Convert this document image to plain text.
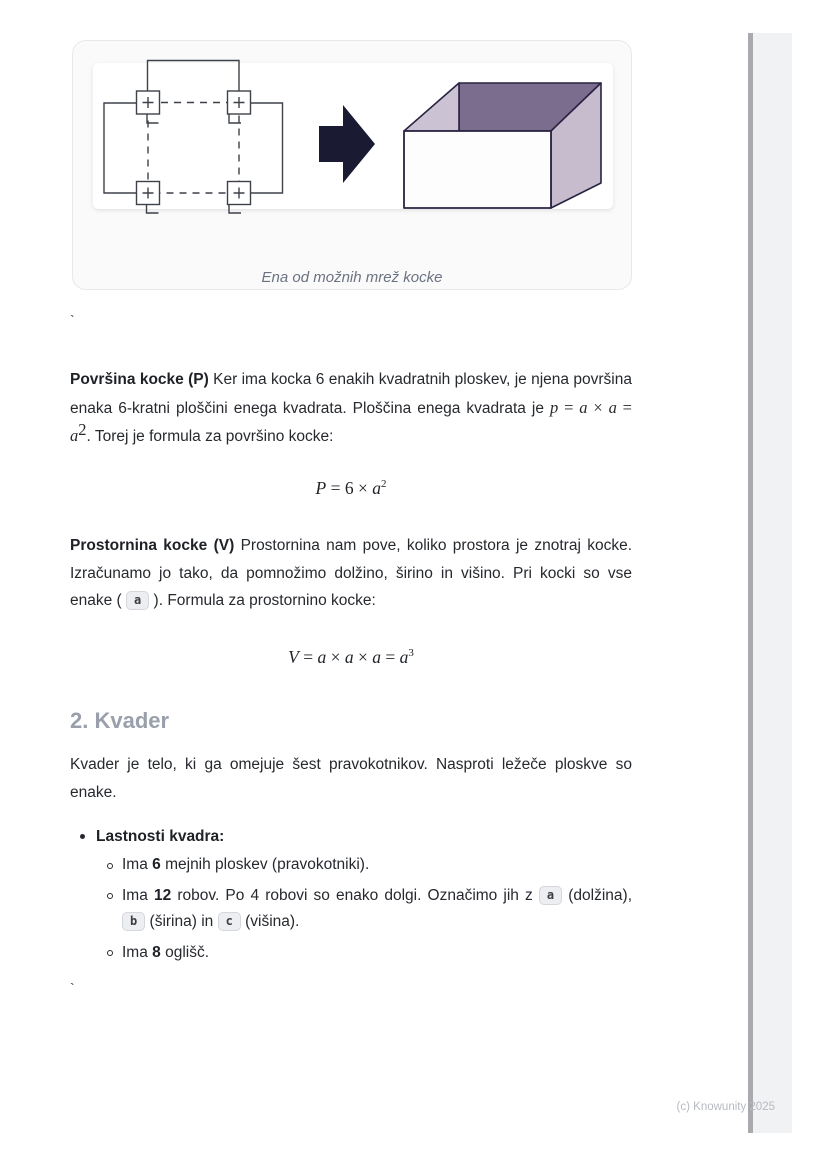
Ena od možnih mrež kocke
`
`

Površina kocke (P) Ker ima kocka 6 enakih kvadratnih ploskev, je njena površina enaka 6-kratni ploščini enega kvadrata. Ploščina enega kvadrata je $p = a \times a = a^2$. Torej je formula za površino kocke:

$P = 6 \times a^2$

Prostornina kocke (V) Prostornina nam pove, koliko prostora je znotraj kocke. Izračunamo jo tako, da pomnožimo dolžino, širino in višino. Pri kocki so vse enake ( a ). Formula za prostornino kocke:

$V = a \times a \times a = a^3$
2. Kvader

Kvader je telo, ki ga omejuje šest pravokotnikov. Nasproti ležeče ploskve so enake.

Lastnosti kvadra:
Ima 6 mejnih ploskev (pravokotniki).
Ima 12 robov. Po 4 robovi so enako dolgi. Označimo jih z a (dolžina), b (širina) in c (višina).
Ima 8 oglišč.
(c) Knowunity 2025
